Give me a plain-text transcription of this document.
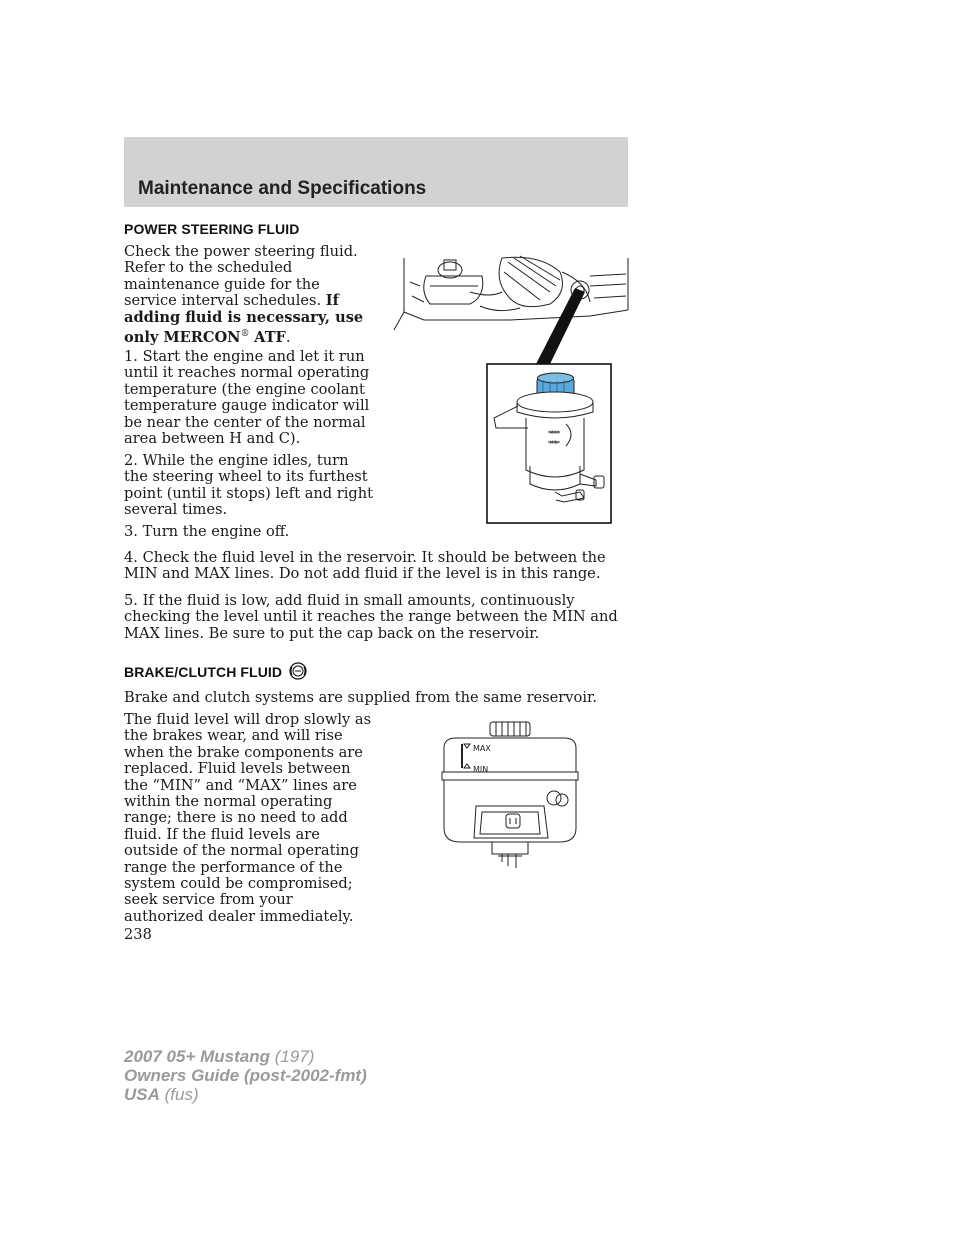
Maintenance and Specifications
POWER STEERING FLUID

Check the power steering fluid. Refer to the scheduled maintenance guide for the service interval schedules. If adding fluid is necessary, use only MERCON® ATF.

1. Start the engine and let it run until it reaches normal operating temperature (the engine coolant temperature gauge indicator will be near the center of the normal area between H and C).

2. While the engine idles, turn the steering wheel to its furthest point (until it stops) left and right several times.

3. Turn the engine off.

4. Check the fluid level in the reservoir. It should be between the MIN and MAX lines. Do not add fluid if the level is in this range.

5. If the fluid is low, add fluid in small amounts, continuously checking the level until it reaches the range between the MIN and MAX lines. Be sure to put the cap back on the reservoir.

MAX
MIN
BRAKE/CLUTCH FLUID

Brake and clutch systems are supplied from the same reservoir.

The fluid level will drop slowly as the brakes wear, and will rise when the brake components are replaced. Fluid levels between the “MIN” and “MAX” lines are within the normal operating range; there is no need to add fluid. If the fluid levels are outside of the normal operating range the performance of the system could be compromised; seek service from your authorized dealer immediately.

MAX
MIN
238
2007 05+ Mustang (197)
Owners Guide (post-2002-fmt)
USA (fus)
